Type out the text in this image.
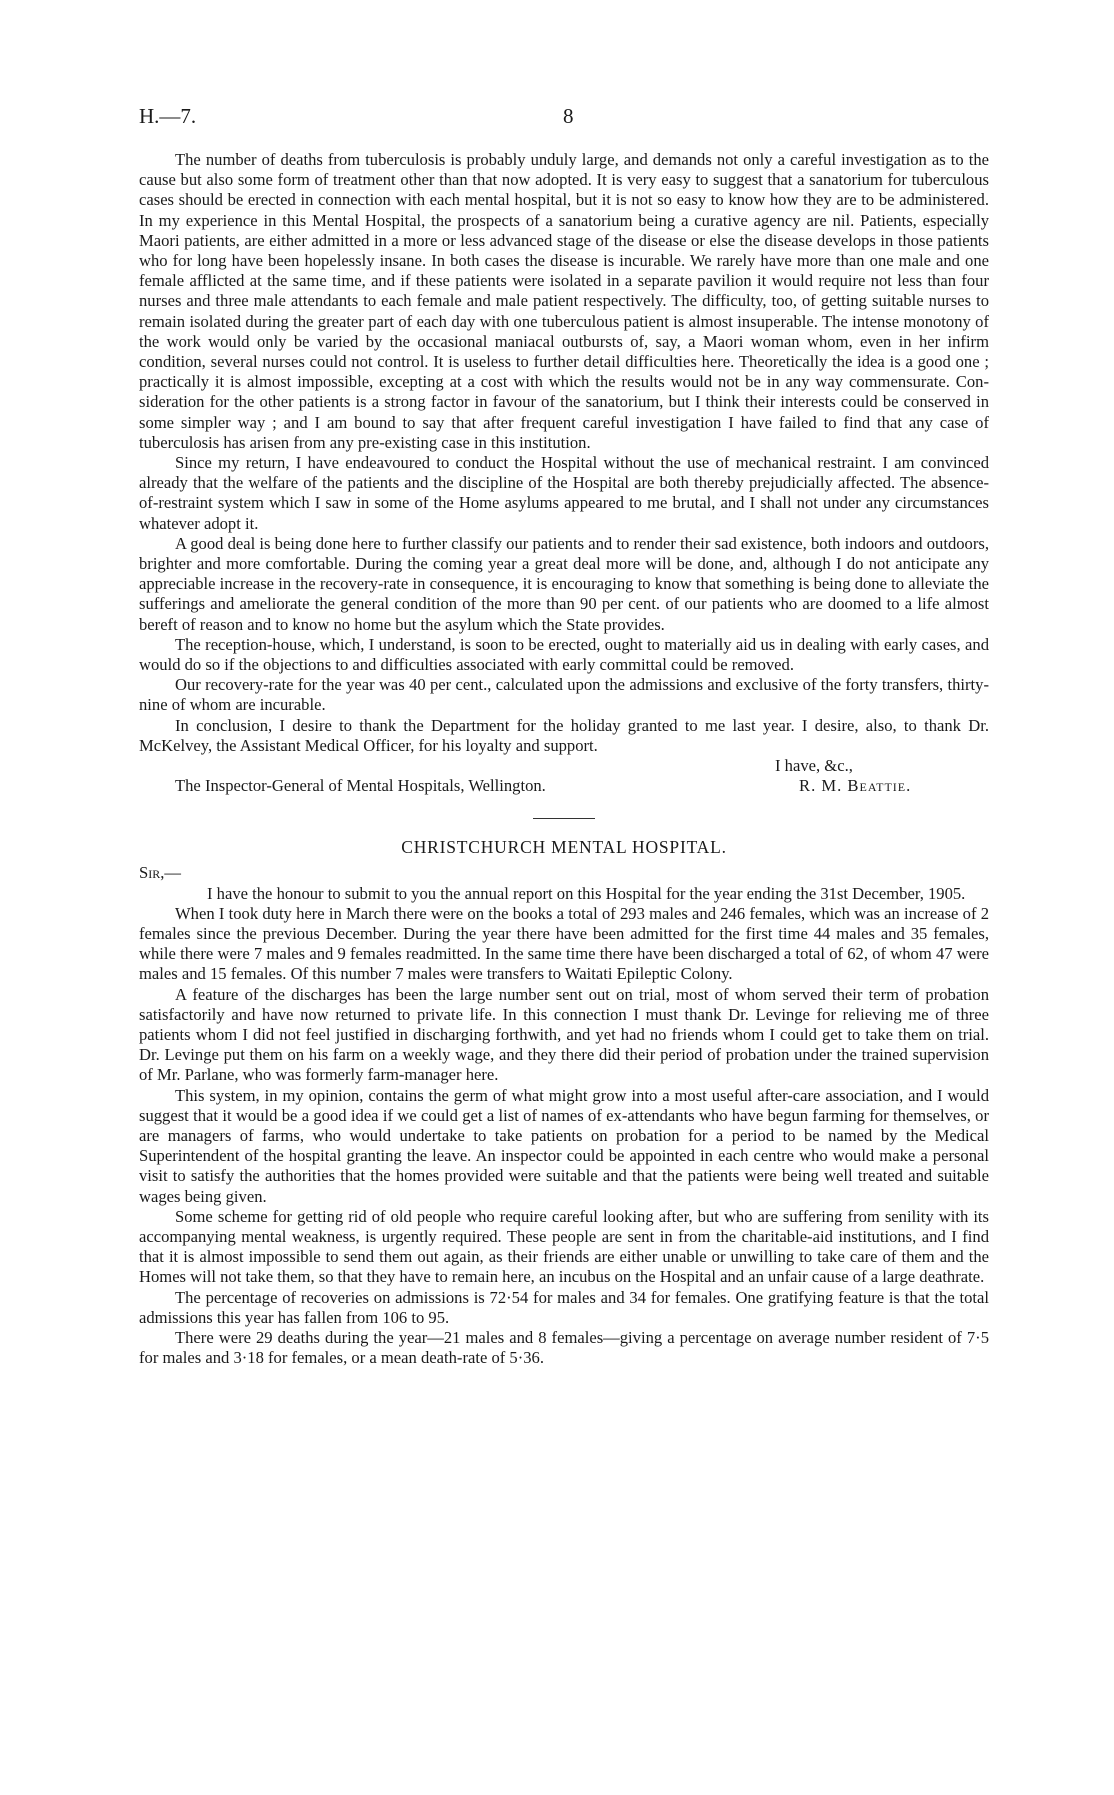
H.—7.	8

The number of deaths from tuberculosis is probably unduly large, and demands not only a careful investigation as to the cause but also some form of treatment other than that now adopted. It is very easy to suggest that a sanatorium for tuberculous cases should be erected in connection with each mental hospital, but it is not so easy to know how they are to be administered. In my experience in this Mental Hospital, the prospects of a sanatorium being a curative agency are nil. Patients, especially Maori patients, are either admitted in a more or less advanced stage of the disease or else the disease develops in those patients who for long have been hopelessly insane. In both cases the disease is incurable. We rarely have more than one male and one female afflicted at the same time, and if these patients were isolated in a separate pavilion it would require not less than four nurses and three male attendants to each female and male patient respectively. The difficulty, too, of getting suitable nurses to remain isolated during the greater part of each day with one tuberculous patient is almost insuperable. The intense monotony of the work would only be varied by the occasional maniacal outbursts of, say, a Maori woman whom, even in her infirm condition, several nurses could not control. It is useless to further detail difficulties here. Theoretically the idea is a good one ; practically it is almost impossible, excepting at a cost with which the results would not be in any way commensurate. Consideration for the other patients is a strong factor in favour of the sanatorium, but I think their interests could be conserved in some simpler way ; and I am bound to say that after frequent careful investigation I have failed to find that any case of tuberculosis has arisen from any pre-existing case in this institution.

Since my return, I have endeavoured to conduct the Hospital without the use of mechanical restraint. I am convinced already that the welfare of the patients and the discipline of the Hospital are both thereby prejudicially affected. The absence-of-restraint system which I saw in some of the Home asylums appeared to me brutal, and I shall not under any circumstances whatever adopt it.

A good deal is being done here to further classify our patients and to render their sad existence, both indoors and outdoors, brighter and more comfortable. During the coming year a great deal more will be done, and, although I do not anticipate any appreciable increase in the recovery-rate in consequence, it is encouraging to know that something is being done to alleviate the sufferings and ameliorate the general condition of the more than 90 per cent. of our patients who are doomed to a life almost bereft of reason and to know no home but the asylum which the State provides.

The reception-house, which, I understand, is soon to be erected, ought to materially aid us in dealing with early cases, and would do so if the objections to and difficulties associated with early committal could be removed.

Our recovery-rate for the year was 40 per cent., calculated upon the admissions and exclusive of the forty transfers, thirty-nine of whom are incurable.

In conclusion, I desire to thank the Department for the holiday granted to me last year. I desire, also, to thank Dr. McKelvey, the Assistant Medical Officer, for his loyalty and support.

I have, &c.,
The Inspector-General of Mental Hospitals, Wellington.	R. M. Beattie.
CHRISTCHURCH MENTAL HOSPITAL.

Sir,—

I have the honour to submit to you the annual report on this Hospital for the year ending the 31st December, 1905.

When I took duty here in March there were on the books a total of 293 males and 246 females, which was an increase of 2 females since the previous December. During the year there have been admitted for the first time 44 males and 35 females, while there were 7 males and 9 females readmitted. In the same time there have been discharged a total of 62, of whom 47 were males and 15 females. Of this number 7 males were transfers to Waitati Epileptic Colony.

A feature of the discharges has been the large number sent out on trial, most of whom served their term of probation satisfactorily and have now returned to private life. In this connection I must thank Dr. Levinge for relieving me of three patients whom I did not feel justified in discharging forthwith, and yet had no friends whom I could get to take them on trial. Dr. Levinge put them on his farm on a weekly wage, and they there did their period of probation under the trained supervision of Mr. Parlane, who was formerly farm-manager here.

This system, in my opinion, contains the germ of what might grow into a most useful after-care association, and I would suggest that it would be a good idea if we could get a list of names of ex-attendants who have begun farming for themselves, or are managers of farms, who would undertake to take patients on probation for a period to be named by the Medical Superintendent of the hospital granting the leave. An inspector could be appointed in each centre who would make a personal visit to satisfy the authorities that the homes provided were suitable and that the patients were being well treated and suitable wages being given.

Some scheme for getting rid of old people who require careful looking after, but who are suffering from senility with its accompanying mental weakness, is urgently required. These people are sent in from the charitable-aid institutions, and I find that it is almost impossible to send them out again, as their friends are either unable or unwilling to take care of them and the Homes will not take them, so that they have to remain here, an incubus on the Hospital and an unfair cause of a large deathrate.

The percentage of recoveries on admissions is 72·54 for males and 34 for females. One gratifying feature is that the total admissions this year has fallen from 106 to 95.

There were 29 deaths during the year—21 males and 8 females—giving a percentage on average number resident of 7·5 for males and 3·18 for females, or a mean death-rate of 5·36.
